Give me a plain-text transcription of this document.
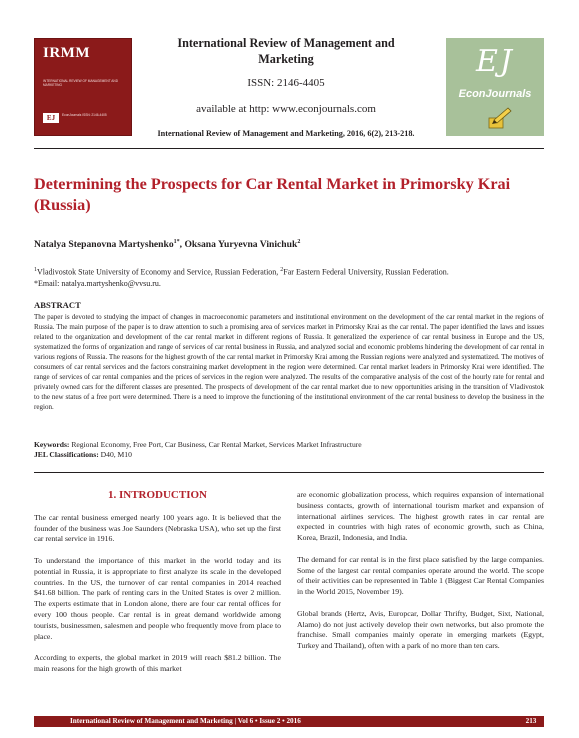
IRMM
INTERNATIONAL REVIEW OF MANAGEMENT AND MARKETING
EJ	EconJournals ISSN: 2146-4405
International Review of Management and Marketing
ISSN: 2146-4405
available at http: www.econjournals.com
International Review of Management and Marketing, 2016, 6(2), 213-218.
EJ
EconJournals
Determining the Prospects for Car Rental Market in Primorsky Krai (Russia)
Natalya Stepanovna Martyshenko$^{1*}$, Oksana Yuryevna Vinichuk$^2$
$^1$Vladivostok State University of Economy and Service, Russian Federation, $^2$Far Eastern Federal University, Russian Federation.
*Email: natalya.martyshenko@vvsu.ru.
ABSTRACT
The paper is devoted to studying the impact of changes in macroeconomic parameters and institutional environment on the development of the car rental market in the regions of Russia. The main purpose of the paper is to draw attention to such a promising area of services market in Primorsky Krai as the car rental. The paper identified the laws and issues related to the organization and development of the car rental market in different regions of Russia. It generalized the experience of car rental business in Europe and the US, systematized the forms of organization and range of services of car rental business in Russia, and analyzed social and economic problems hindering the development of car rental in various regions of Russia. The reasons for the highest growth of the car rental market in Primorsky Krai among the Russian regions were analyzed and systematized. The motives of consumers of car rental services and the factors constraining market development in the region were determined. Car rental market leaders in Primorsky Krai were identified. The range of services of car rental companies and the prices of services in the region were analyzed. The results of the comparative analysis of the cost of the hourly rate for rental and privately owned cars for the different classes are presented. The prospects of development of the car rental market due to new opportunities arising in the transition of Vladivostok to the new status of a free port were determined. There is a need to improve the functioning of the institutional environment of the car rental business to develop the business in the region.
Keywords: Regional Economy, Free Port, Car Business, Car Rental Market, Services Market Infrastructure
JEL Classifications: D40, M10
1. INTRODUCTION

The car rental business emerged nearly 100 years ago. It is believed that the founder of the business was Joe Saunders (Nebraska USA), who set up the first car rental service in 1916.

To understand the importance of this market in the world today and its potential in Russia, it is appropriate to first analyze its scale in the developed countries. In the US, the turnover of car rental companies in 2014 reached $41.68 billion. The park of renting cars in the United States is over 2 million. The experts estimate that in London alone, there are four car rental offices for every 100 thous people. Car rental is in great demand worldwide among tourists, businessmen, salesmen and people who frequently move from place to place.

According to experts, the global market in 2019 will reach $81.2 billion. The main reasons for the high growth of this market

are economic globalization process, which requires expansion of international business contacts, growth of international tourism market and expansion of international airlines services. The highest growth rates in car rental are expected in countries with high rates of economic growth, such as China, Korea, Brazil, Indonesia, and India.

The demand for car rental is in the first place satisfied by the large companies. Some of the largest car rental companies operate around the world. The scope of their activities can be represented in Table 1 (Biggest Car Rental Companies in the World 2015, November 19).

Global brands (Hertz, Avis, Europcar, Dollar Thrifty, Budget, Sixt, National, Alamo) do not just actively develop their own networks, but also promote the franchise. Small companies mainly operate in emerging markets (Egypt, Turkey and Thailand), often with a park of no more than ten cars.

International Review of Management and Marketing | Vol 6 • Issue 2 • 2016	213
